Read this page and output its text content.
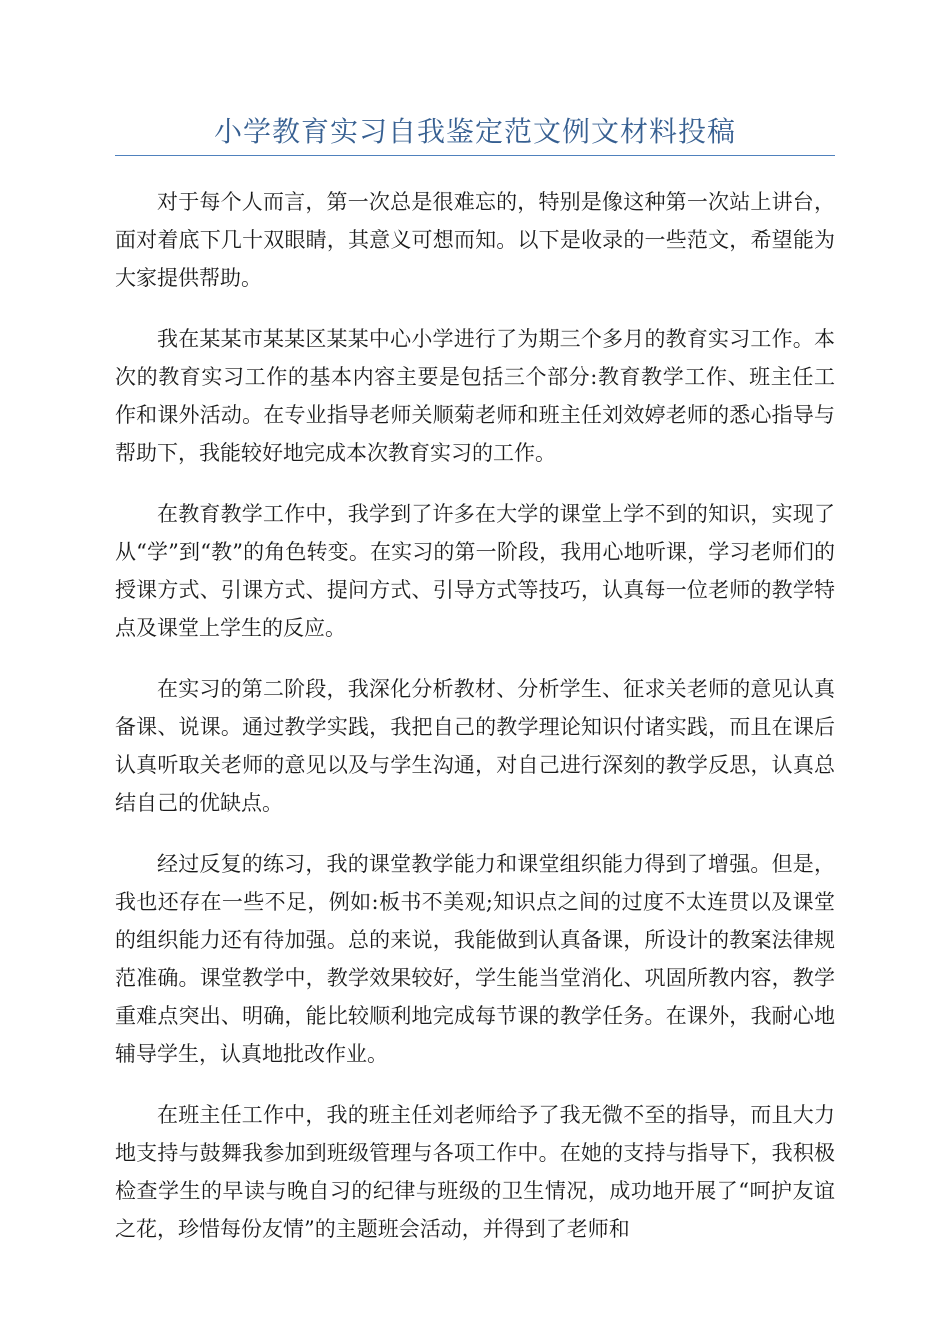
小学教育实习自我鉴定范文例文材料投稿

对于每个人而言，第一次总是很难忘的，特别是像这种第一次站上讲台，面对着底下几十双眼睛，其意义可想而知。以下是收录的一些范文，希望能为大家提供帮助。

我在某某市某某区某某中心小学进行了为期三个多月的教育实习工作。本次的教育实习工作的基本内容主要是包括三个部分:教育教学工作、班主任工作和课外活动。在专业指导老师关顺菊老师和班主任刘效婷老师的悉心指导与帮助下，我能较好地完成本次教育实习的工作。

在教育教学工作中，我学到了许多在大学的课堂上学不到的知识，实现了从“学”到“教”的角色转变。在实习的第一阶段，我用心地听课，学习老师们的授课方式、引课方式、提问方式、引导方式等技巧，认真每一位老师的教学特点及课堂上学生的反应。

在实习的第二阶段，我深化分析教材、分析学生、征求关老师的意见认真备课、说课。通过教学实践，我把自己的教学理论知识付诸实践，而且在课后认真听取关老师的意见以及与学生沟通，对自己进行深刻的教学反思，认真总结自己的优缺点。

经过反复的练习，我的课堂教学能力和课堂组织能力得到了增强。但是，我也还存在一些不足，例如:板书不美观;知识点之间的过度不太连贯以及课堂的组织能力还有待加强。总的来说，我能做到认真备课，所设计的教案法律规范准确。课堂教学中，教学效果较好，学生能当堂消化、巩固所教内容，教学重难点突出、明确，能比较顺利地完成每节课的教学任务。在课外，我耐心地辅导学生，认真地批改作业。

在班主任工作中，我的班主任刘老师给予了我无微不至的指导，而且大力地支持与鼓舞我参加到班级管理与各项工作中。在她的支持与指导下，我积极检查学生的早读与晚自习的纪律与班级的卫生情况，成功地开展了“呵护友谊之花，珍惜每份友情”的主题班会活动，并得到了老师和
